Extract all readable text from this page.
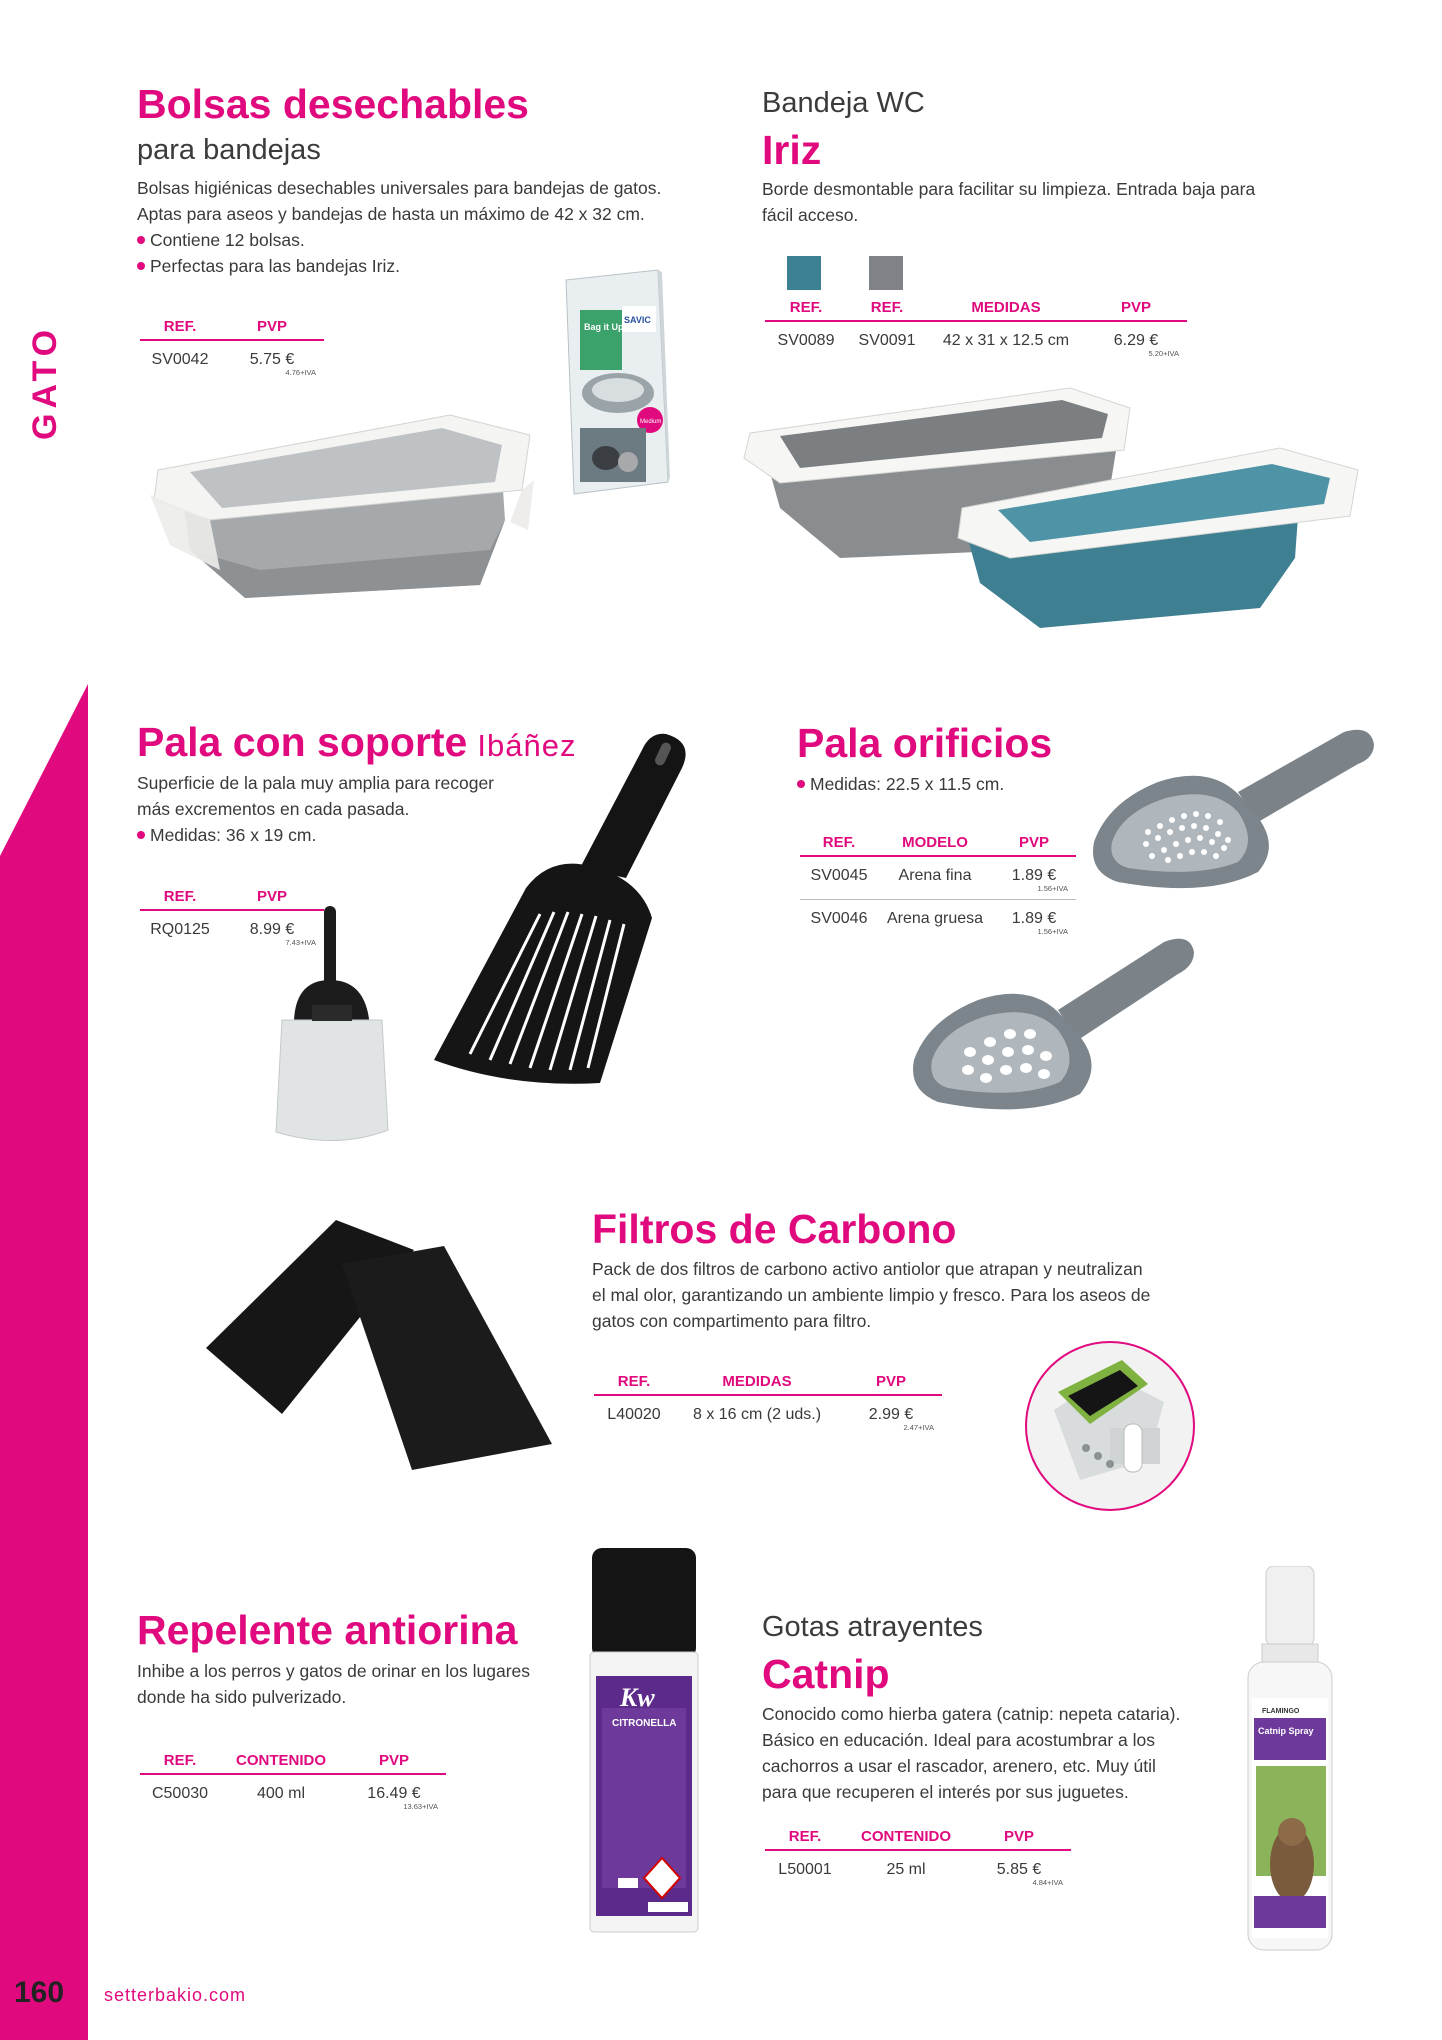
GATO
Bolsas desechables
para bandejas

Bolsas higiénicas desechables universales para bandejas de gatos.

Aptas para aseos y bandejas de hasta un máximo de 42 x 32 cm.

Contiene 12 bolsas.
Perfectas para las bandejas Iriz.
REF.	PVP
SV0042	5.75 €
4.76+IVA
Bag it Up
SAVIC
Medium
Bandeja WC
Iriz

Borde desmontable para facilitar su limpieza. Entrada baja para

fácil acceso.

REF.	REF.	MEDIDAS	PVP
SV0089	SV0091	42 x 31 x 12.5 cm	6.29 €
5.20+IVA
Pala con soporte Ibáñez

Superficie de la pala muy amplia para recoger

más excrementos en cada pasada.

Medidas: 36 x 19 cm.
REF.	PVP
RQ0125	8.99 €
7.43+IVA
Pala orificios
Medidas: 22.5 x 11.5 cm.
REF.	MODELO	PVP
SV0045	Arena fina	1.89 €
1.56+IVA

SV0046	Arena gruesa	1.89 €
1.56+IVA
Filtros de Carbono

Pack de dos filtros de carbono activo antiolor que atrapan y neutralizan

el mal olor, garantizando un ambiente limpio y fresco. Para los aseos de

gatos con compartimento para filtro.

REF.	MEDIDAS	PVP
L40020	8 x 16 cm (2 uds.)	2.99 €
2.47+IVA
Repelente antiorina

Inhibe a los perros y gatos de orinar en los lugares

donde ha sido pulverizado.

REF.	CONTENIDO	PVP
C50030	400 ml	16.49 €
13.63+IVA
Kw
CITRONELLA
Gotas atrayentes
Catnip

Conocido como hierba gatera (catnip: nepeta cataria).

Básico en educación. Ideal para acostumbrar a los

cachorros a usar el rascador, arenero, etc. Muy útil

para que recuperen el interés por sus juguetes.

REF.	CONTENIDO	PVP
L50001	25 ml	5.85 €
4.84+IVA
FLAMINGO
Catnip Spray
160 setterbakio.com
